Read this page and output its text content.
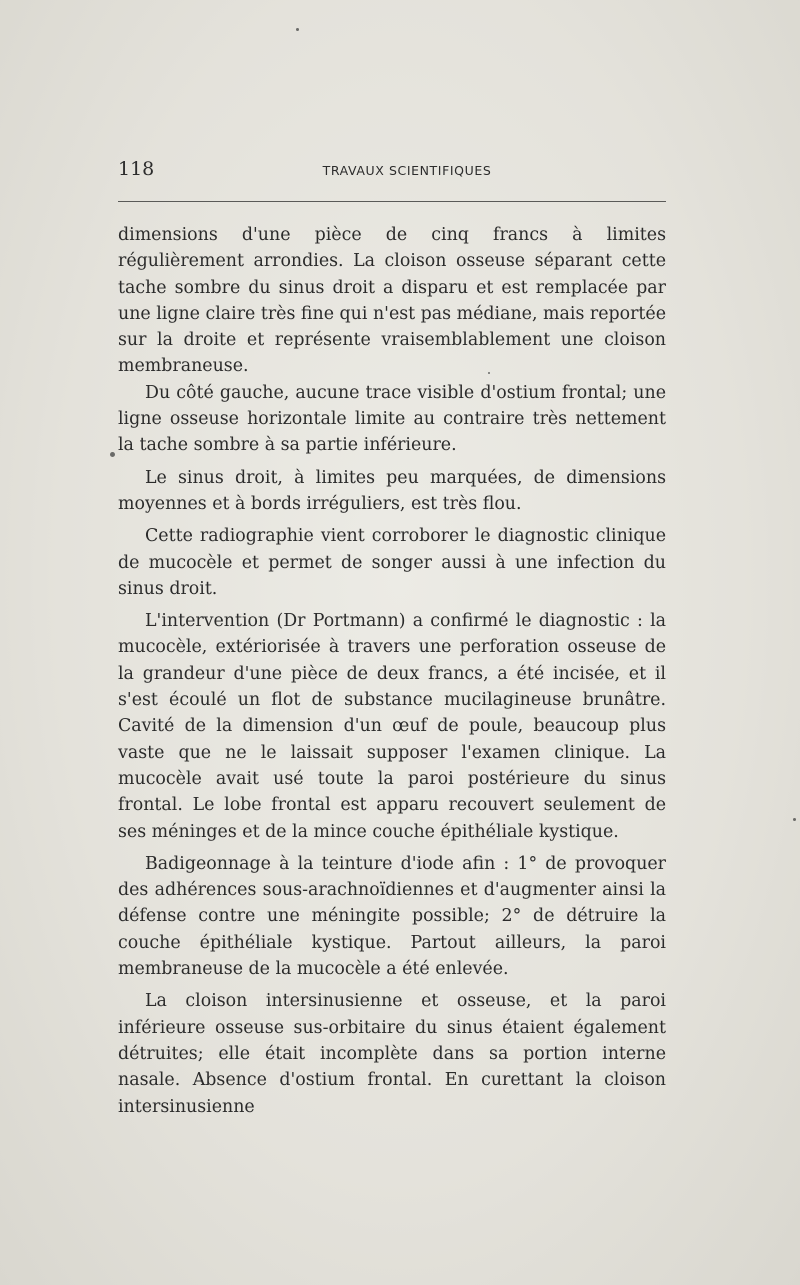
118	TRAVAUX SCIENTIFIQUES

dimensions d'une pièce de cinq francs à limites régulièrement arrondies. La cloison osseuse séparant cette tache sombre du sinus droit a disparu et est remplacée par une ligne claire très fine qui n'est pas médiane, mais reportée sur la droite et représente vraisemblablement une cloison membraneuse.

Du côté gauche, aucune trace visible d'ostium frontal; une ligne osseuse horizontale limite au contraire très nettement la tache sombre à sa partie inférieure.

Le sinus droit, à limites peu marquées, de dimensions moyennes et à bords irréguliers, est très flou.

Cette radiographie vient corroborer le diagnostic clinique de mucocèle et permet de songer aussi à une infection du sinus droit.

L'intervention (Dr Portmann) a confirmé le diagnostic : la mucocèle, extériorisée à travers une perforation osseuse de la grandeur d'une pièce de deux francs, a été incisée, et il s'est écoulé un flot de substance mucilagineuse brunâtre. Cavité de la dimension d'un œuf de poule, beaucoup plus vaste que ne le laissait supposer l'examen clinique. La mucocèle avait usé toute la paroi postérieure du sinus frontal. Le lobe frontal est apparu recouvert seulement de ses méninges et de la mince couche épithéliale kystique.

Badigeonnage à la teinture d'iode afin : 1° de provoquer des adhérences sous-arachnoïdiennes et d'augmenter ainsi la défense contre une méningite possible; 2° de détruire la couche épithéliale kystique. Partout ailleurs, la paroi membraneuse de la mucocèle a été enlevée.

La cloison intersinusienne et osseuse, et la paroi inférieure osseuse sus-orbitaire du sinus étaient également détruites; elle était incomplète dans sa portion interne nasale. Absence d'ostium frontal. En curettant la cloison intersinusienne
